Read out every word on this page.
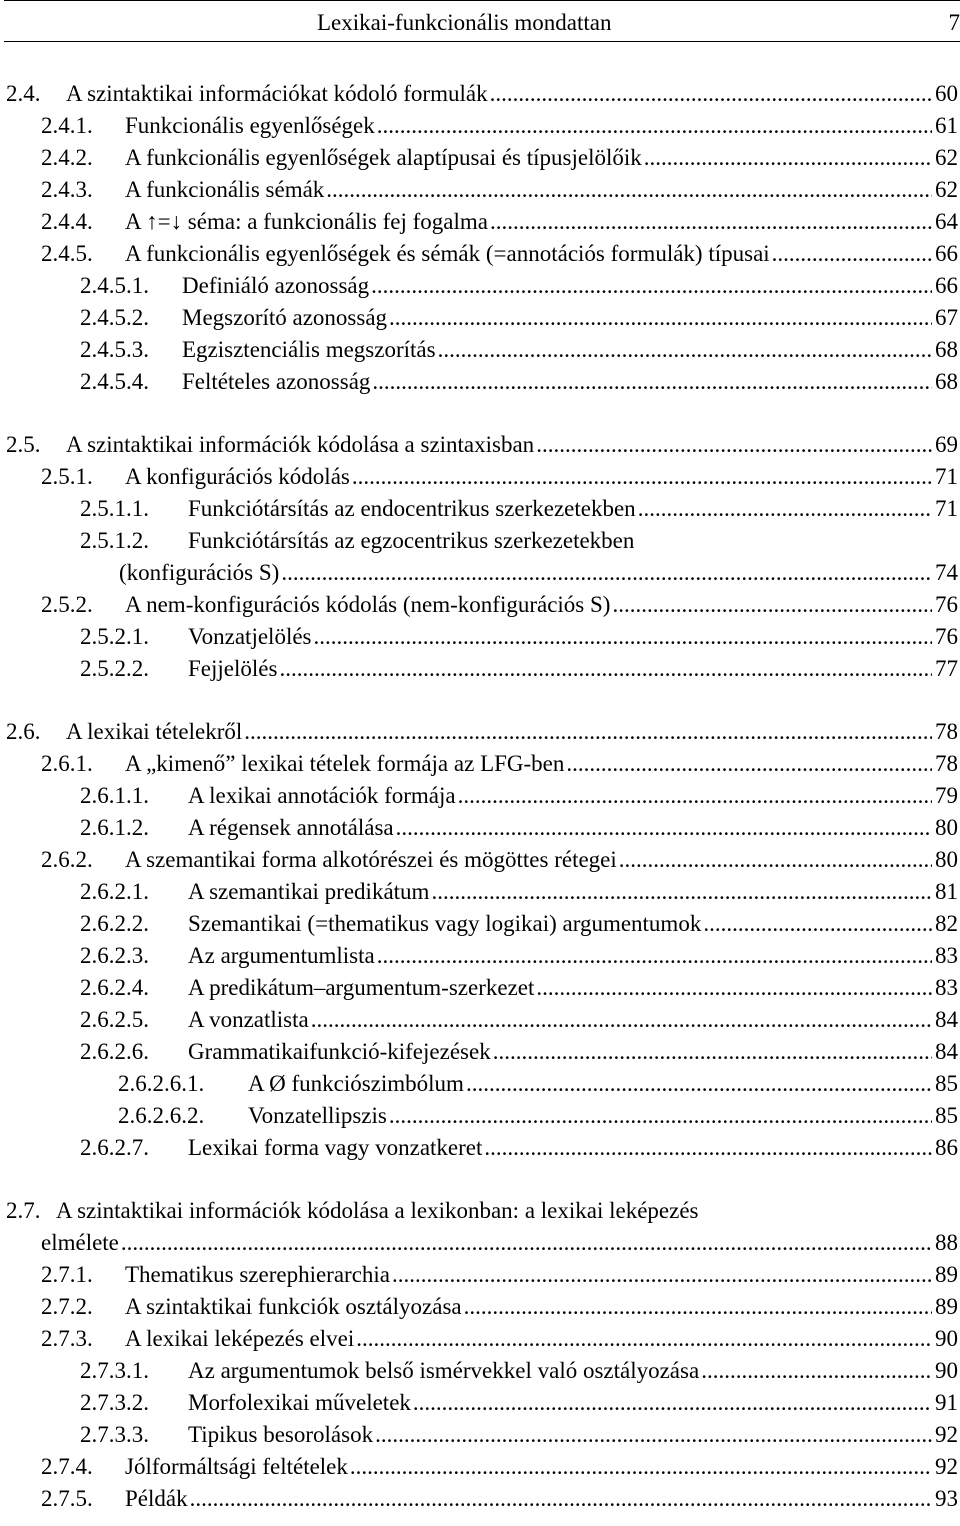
Lexikai-funkcionális mondattan	7
2.4.	A szintaktikai információkat kódoló formulák .....	60
2.4.1.	Funkcionális egyenlőségek .....	61
2.4.2.	A funkcionális egyenlőségek alaptípusai és típusjelölőik .....	62
2.4.3.	A funkcionális sémák .....	62
2.4.4.	A ↑=↓ séma: a funkcionális fej fogalma .....	64
2.4.5.	A funkcionális egyenlőségek és sémák (=annotációs formulák) típusai .....	66
2.4.5.1.	Definiáló azonosság .....	66
2.4.5.2.	Megszorító azonosság .....	67
2.4.5.3.	Egzisztenciális megszorítás .....	68
2.4.5.4.	Feltételes azonosság .....	68
2.5.	A szintaktikai információk kódolása a szintaxisban .....	69
2.5.1.	A konfigurációs kódolás .....	71
2.5.1.1.	Funkciótársítás az endocentrikus szerkezetekben .....	71
2.5.1.2.	Funkciótársítás az egzocentrikus szerkezetekben
(konfigurációs S) .....	74
2.5.2.	A nem-konfigurációs kódolás (nem-konfigurációs S) .....	76
2.5.2.1.	Vonzatjelölés .....	76
2.5.2.2.	Fejjelölés .....	77
2.6.	A lexikai tételekről .....	78
2.6.1.	A „kimenő” lexikai tételek formája az LFG-ben .....	78
2.6.1.1.	A lexikai annotációk formája .....	79
2.6.1.2.	A régensek annotálása .....	80
2.6.2.	A szemantikai forma alkotórészei és mögöttes rétegei .....	80
2.6.2.1.	A szemantikai predikátum .....	81
2.6.2.2.	Szemantikai (=thematikus vagy logikai) argumentumok .....	82
2.6.2.3.	Az argumentumlista .....	83
2.6.2.4.	A predikátum–argumentum-szerkezet .....	83
2.6.2.5.	A vonzatlista .....	84
2.6.2.6.	Grammatikaifunkció-kifejezések .....	84
2.6.2.6.1.	A Ø funkciószimbólum .....	85
2.6.2.6.2.	Vonzatellipszis .....	85
2.6.2.7.	Lexikai forma vagy vonzatkeret .....	86
2.7. A szintaktikai információk kódolása a lexikonban: a lexikai leképezés
elmélete .....	88
2.7.1.	Thematikus szerephierarchia .....	89
2.7.2.	A szintaktikai funkciók osztályozása .....	89
2.7.3.	A lexikai leképezés elvei .....	90
2.7.3.1.	Az argumentumok belső ismérvekkel való osztályozása .....	90
2.7.3.2.	Morfolexikai műveletek .....	91
2.7.3.3.	Tipikus besorolások .....	92
2.7.4.	Jólformáltsági feltételek .....	92
2.7.5.	Példák .....	93
